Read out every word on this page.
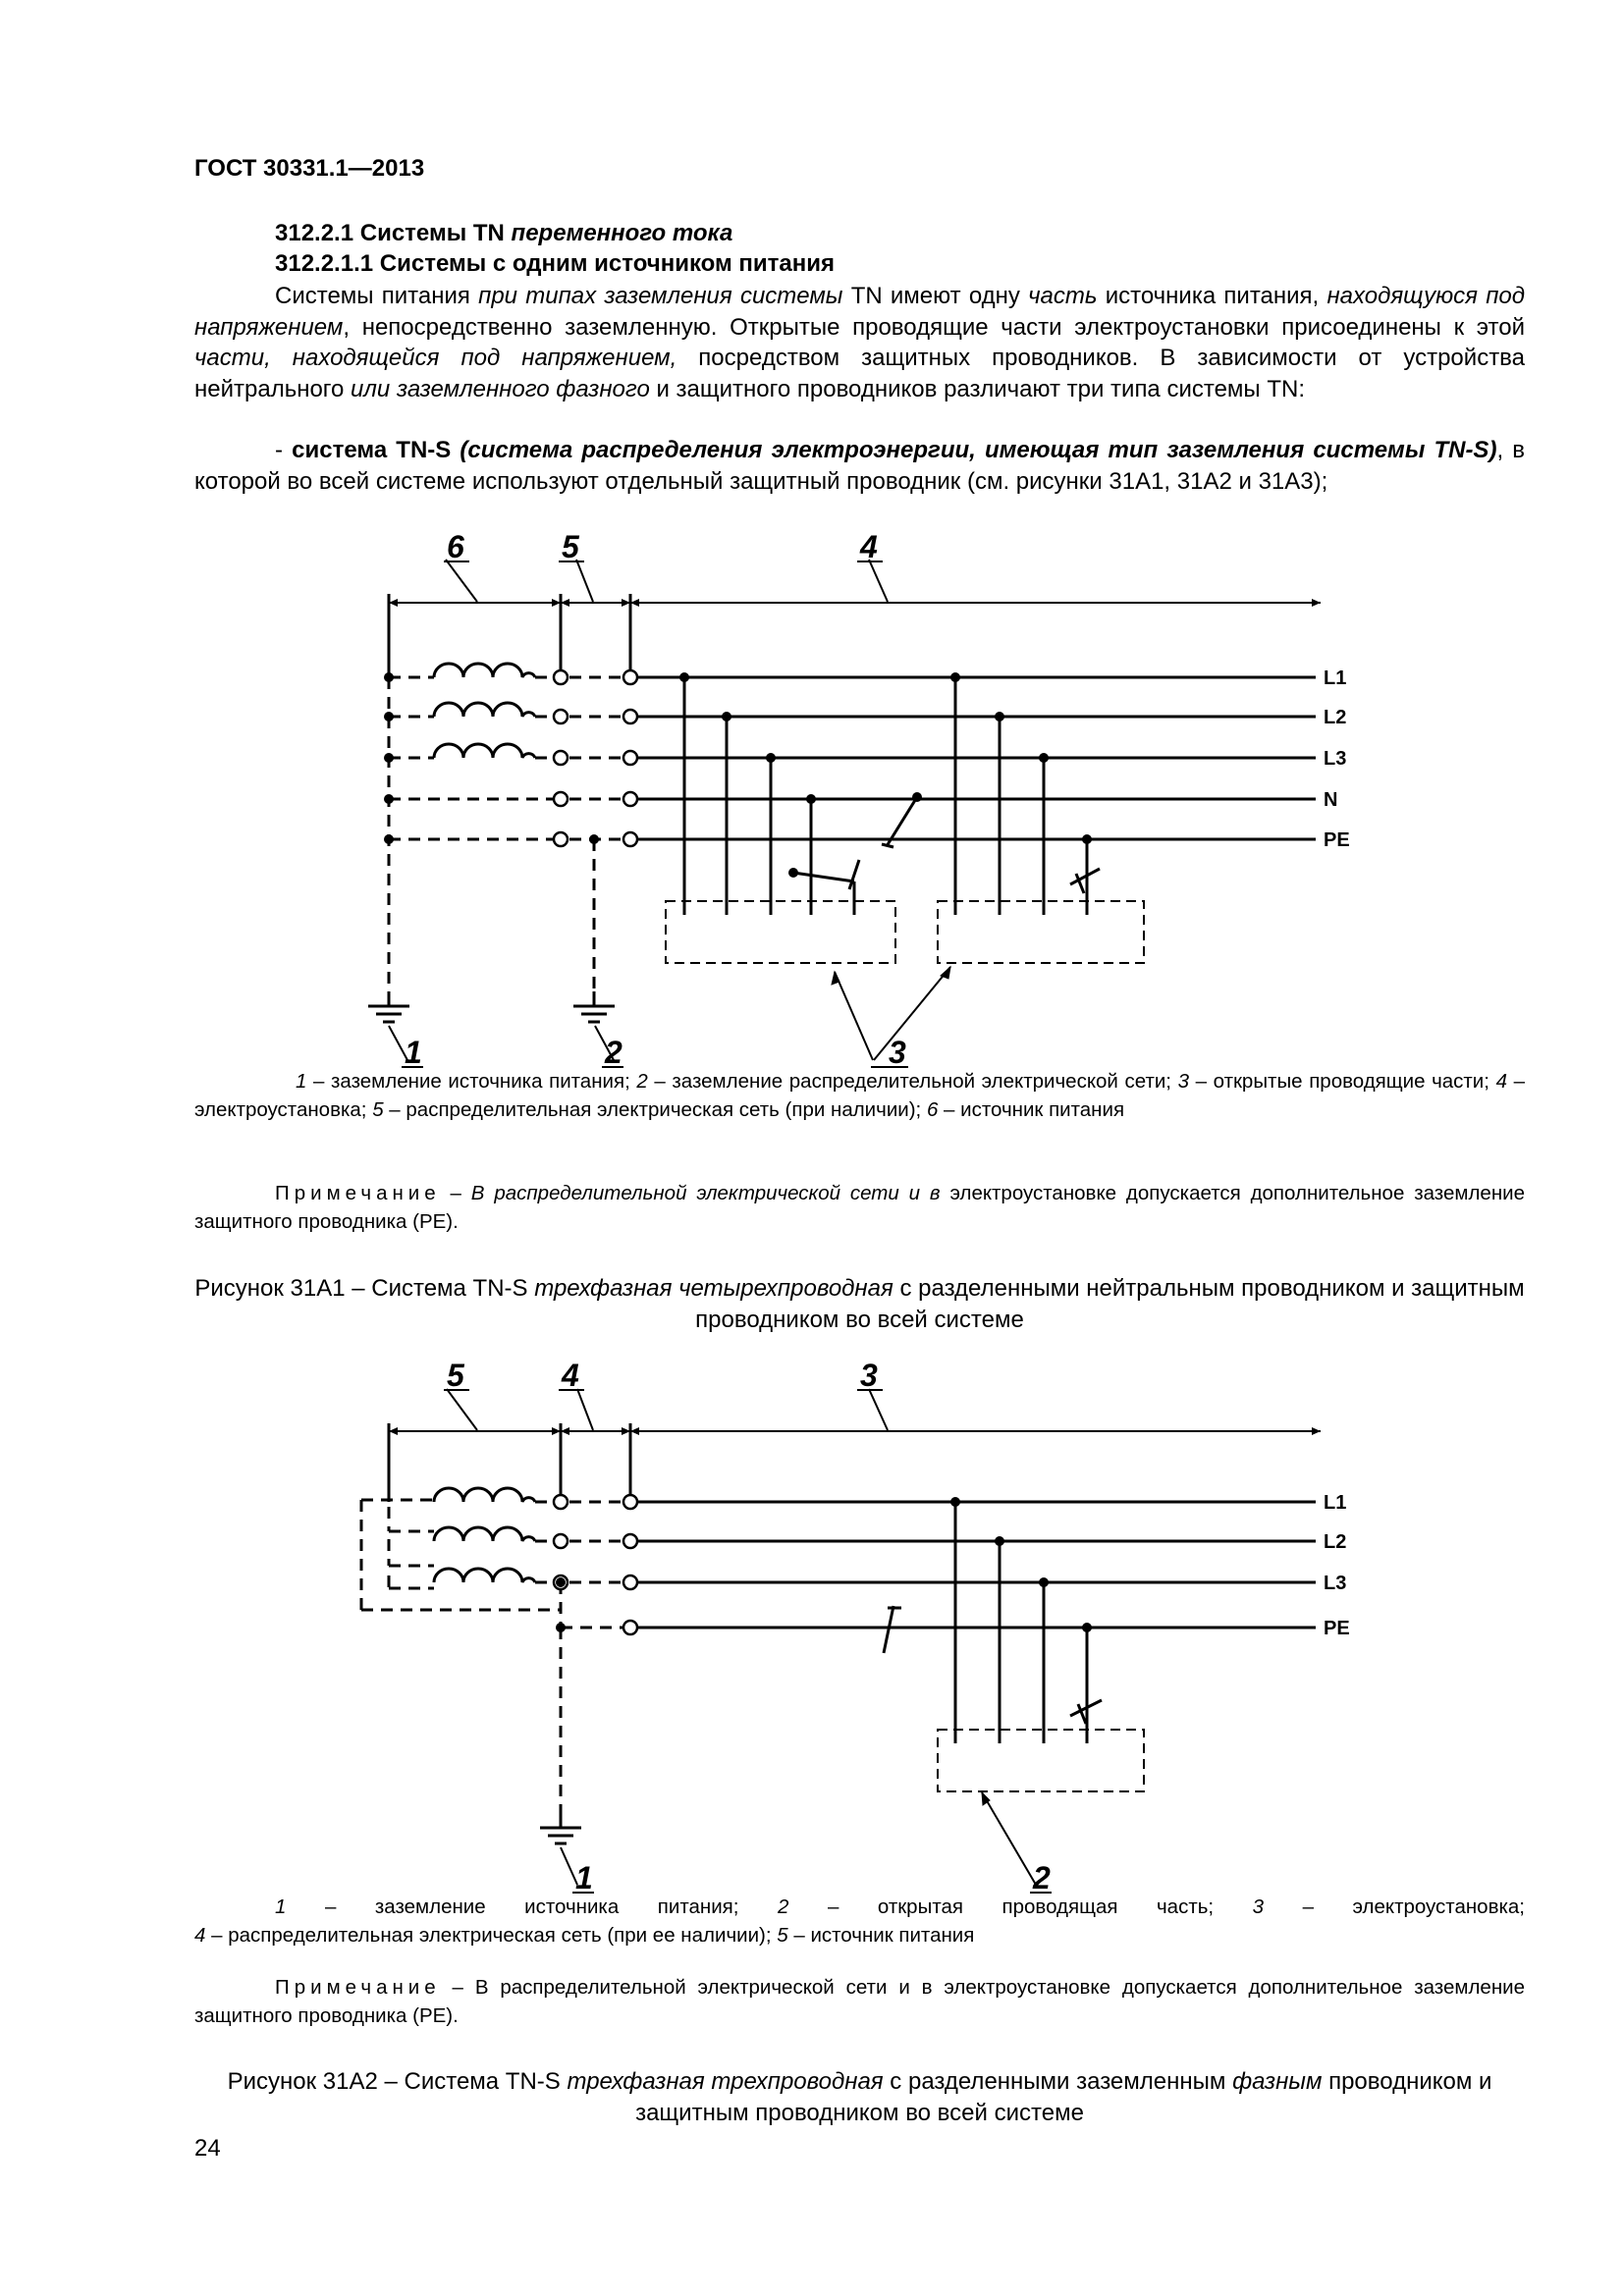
ГОСТ 30331.1—2013
312.2.1 Системы TN переменного тока
312.2.1.1 Системы с одним источником питания
Системы питания при типах заземления системы TN имеют одну часть источника питания, находящуюся под напряжением, непосредственно заземленную. Открытые проводящие части электроустановки присоединены к этой части, находящейся под напряжением, посредством защитных проводников. В зависимости от устройства нейтрального или заземленного фазного и защитного проводников различают три типа системы TN:
- система TN-S (система распределения электроэнергии, имеющая тип заземления системы TN-S), в которой во всей системе используют отдельный защитный проводник (см. рисунки 31А1, 31А2 и 31А3);
L1
L2
L3
N
PE
6	5	4
1	2	3
1 – заземление источника питания; 2 – заземление распределительной электрической сети; 3 – открытые проводящие части; 4 – электроустановка; 5 – распределительная электрическая сеть (при наличии); 6 – источник питания
Примечание – В распределительной электрической сети и в электроустановке допускается дополнительное заземление защитного проводника (PE).
Рисунок 31А1 – Система TN-S трехфазная четырехпроводная с разделенными нейтральным проводником и защитным проводником во всей системе
L1
L2
L3
PE
5	4	3
1	2
1 – заземление источника питания; 2 – открытая проводящая часть; 3 – электроустановка;
4 – распределительная электрическая сеть (при ее наличии); 5 – источник питания
Примечание – В распределительной электрической сети и в электроустановке допускается дополнительное заземление защитного проводника (PE).
Рисунок 31А2 – Система TN-S трехфазная трехпроводная с разделенными заземленным фазным проводником и защитным проводником во всей системе
24
